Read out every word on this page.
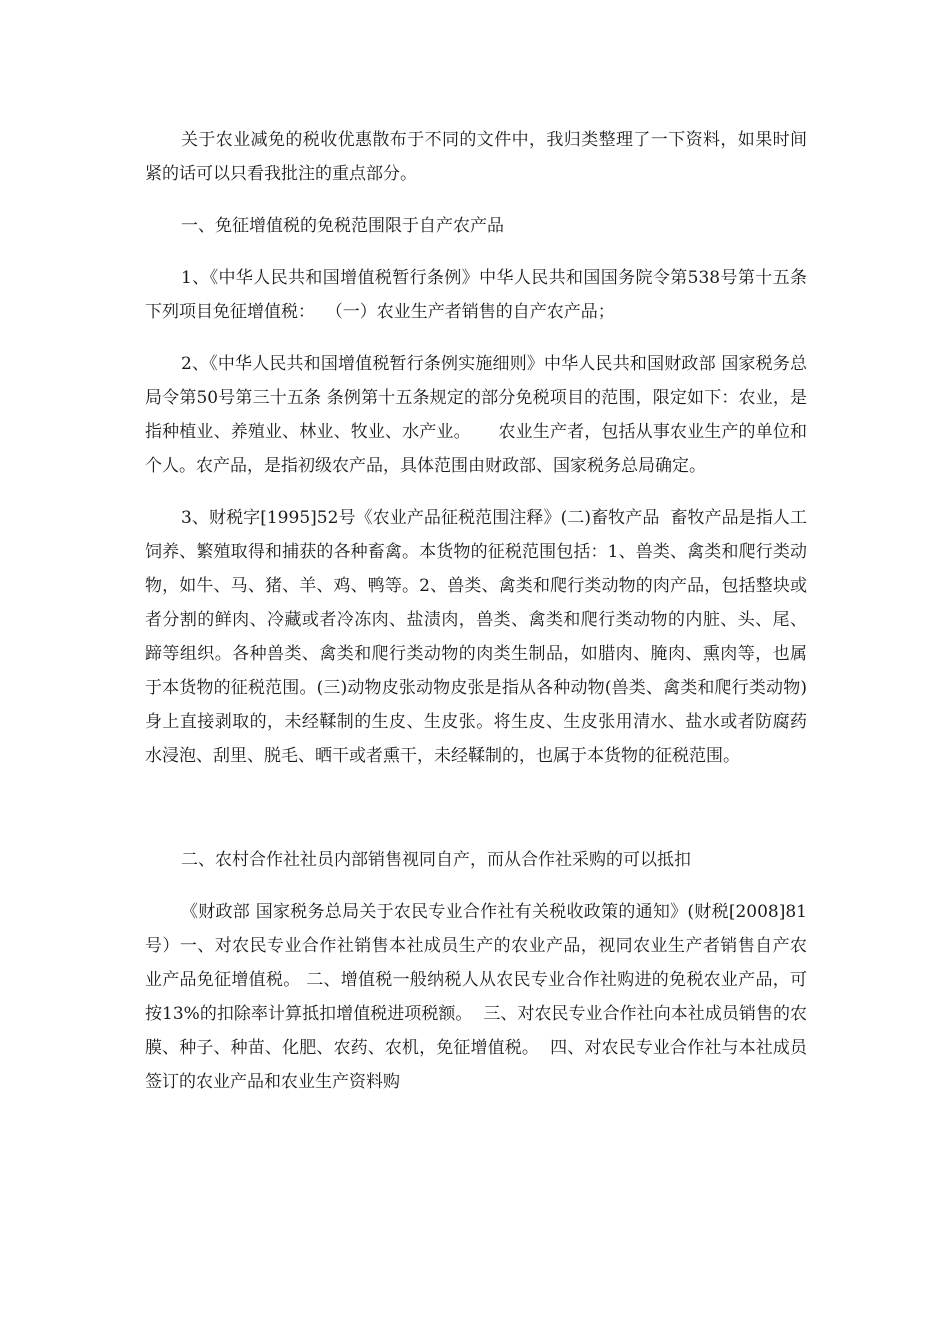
关于农业减免的税收优惠散布于不同的文件中，我归类整理了一下资料，如果时间紧的话可以只看我批注的重点部分。

一、免征增值税的免税范围限于自产农产品

1、《中华人民共和国增值税暂行条例》中华人民共和国国务院令第538号第十五条 下列项目免征增值税：  （一）农业生产者销售的自产农产品；

2、《中华人民共和国增值税暂行条例实施细则》中华人民共和国财政部 国家税务总局令第50号第三十五条 条例第十五条规定的部分免税项目的范围，限定如下：农业，是指种植业、养殖业、林业、牧业、水产业。     农业生产者，包括从事农业生产的单位和个人。农产品，是指初级农产品，具体范围由财政部、国家税务总局确定。

3、财税字[1995]52号《农业产品征税范围注释》(二)畜牧产品  畜牧产品是指人工饲养、繁殖取得和捕获的各种畜禽。本货物的征税范围包括：1、兽类、禽类和爬行类动物，如牛、马、猪、羊、鸡、鸭等。2、兽类、禽类和爬行类动物的肉产品，包括整块或者分割的鲜肉、冷藏或者冷冻肉、盐渍肉，兽类、禽类和爬行类动物的内脏、头、尾、蹄等组织。各种兽类、禽类和爬行类动物的肉类生制品，如腊肉、腌肉、熏肉等，也属于本货物的征税范围。(三)动物皮张动物皮张是指从各种动物(兽类、禽类和爬行类动物)身上直接剥取的，未经鞣制的生皮、生皮张。将生皮、生皮张用清水、盐水或者防腐药水浸泡、刮里、脱毛、晒干或者熏干，未经鞣制的，也属于本货物的征税范围。

二、农村合作社社员内部销售视同自产，而从合作社采购的可以抵扣

《财政部 国家税务总局关于农民专业合作社有关税收政策的通知》(财税[2008]81号）一、对农民专业合作社销售本社成员生产的农业产品，视同农业生产者销售自产农业产品免征增值税。 二、增值税一般纳税人从农民专业合作社购进的免税农业产品，可按13%的扣除率计算抵扣增值税进项税额。  三、对农民专业合作社向本社成员销售的农膜、种子、种苗、化肥、农药、农机，免征增值税。  四、对农民专业合作社与本社成员签订的农业产品和农业生产资料购
